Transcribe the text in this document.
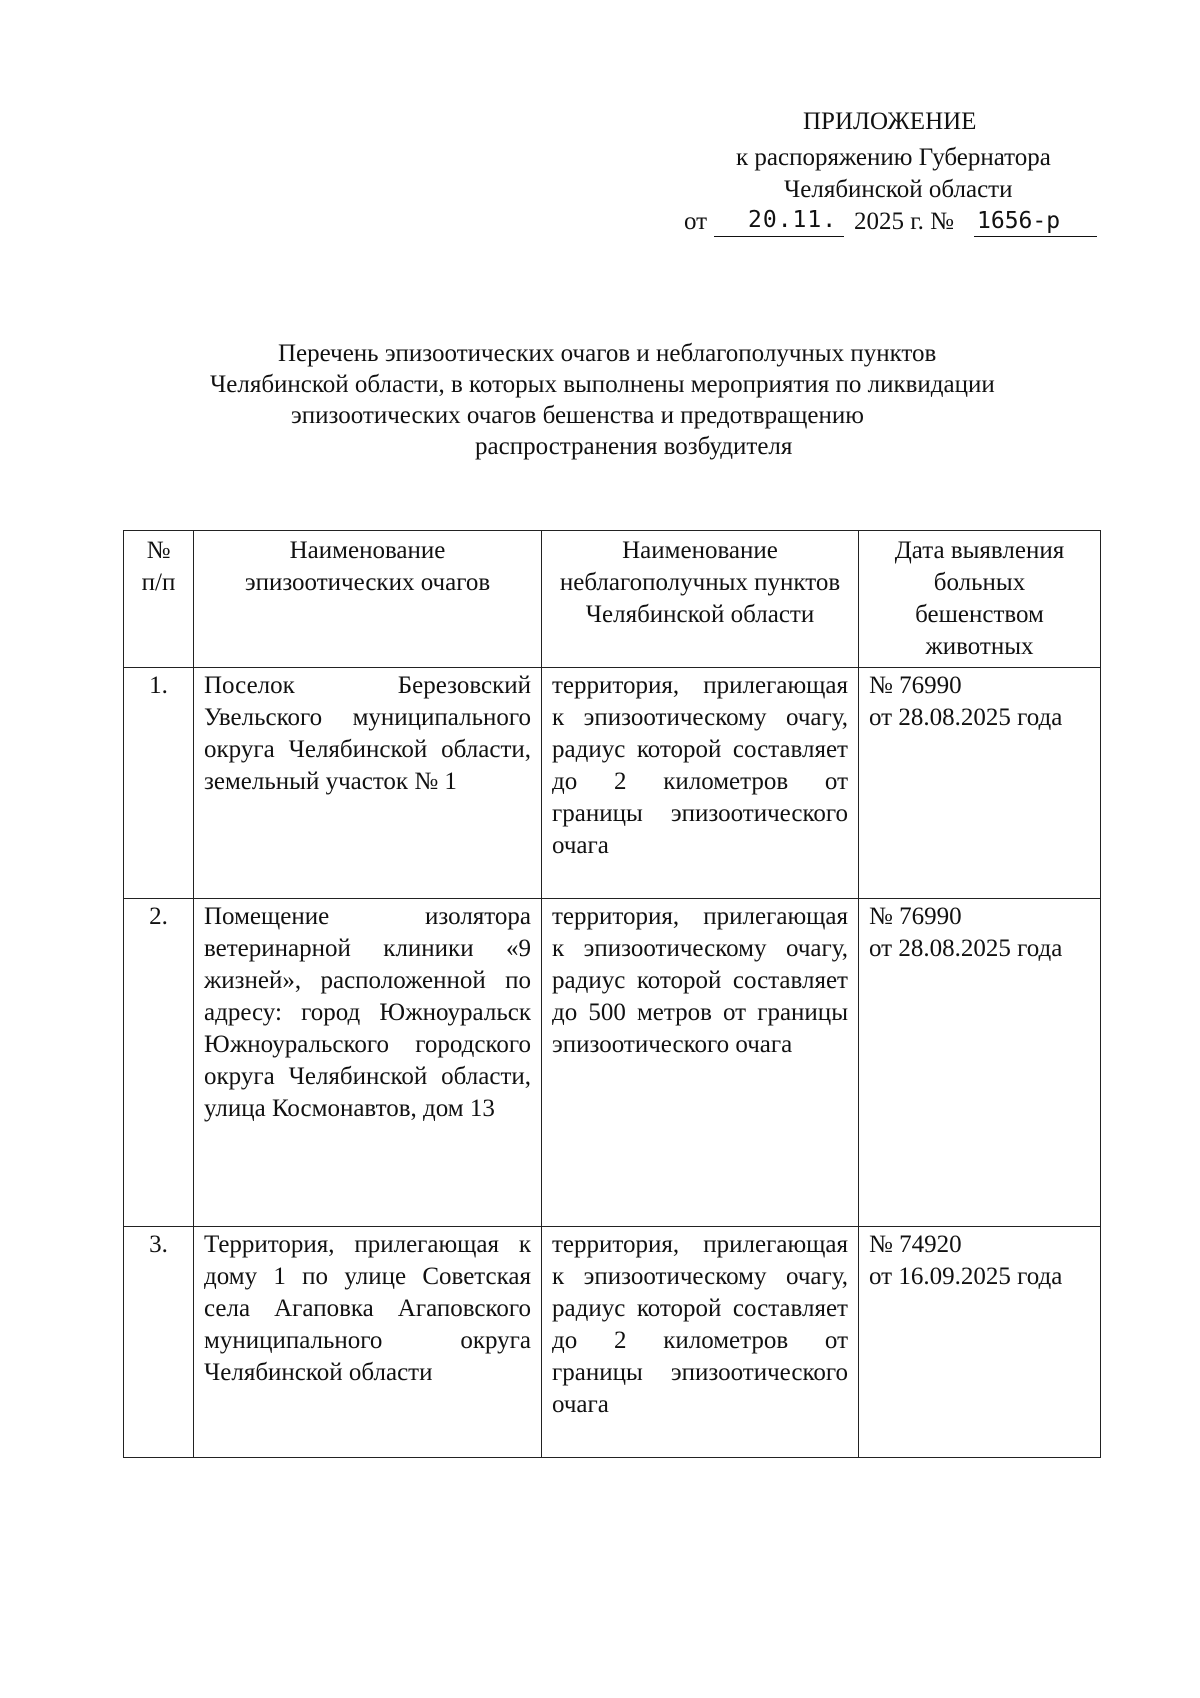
ПРИЛОЖЕНИЕ
к распоряжению Губернатора
Челябинской области
от 20.11. 2025 г. № 1656-р
Перечень эпизоотических очагов и неблагополучных пунктов
Челябинской области, в которых выполнены мероприятия по ликвидации
эпизоотических очагов бешенства и предотвращению
распространения возбудителя
№ п/п	Наименование эпизоотических очагов	Наименование неблагополучных пунктов Челябинской области	Дата выявления больных бешенством животных
1.	Поселок Березовский Увельского муниципального округа Челябинской области, земельный участок № 1	территория, прилегающая к эпизоотическому очагу, радиус которой составляет до 2 километров от границы эпизоотического очага	№ 76990
от 28.08.2025 года

2.	Помещение изолятора ветеринарной клиники «9 жизней», расположенной по адресу: город Южноуральск Южноуральского городского округа Челябинской области, улица Космонавтов, дом 13	территория, прилегающая к эпизоотическому очагу, радиус которой составляет до 500 метров от границы эпизоотического очага	№ 76990
от 28.08.2025 года

3.	Территория, прилегающая к дому 1 по улице Советская села Агаповка Агаповского муниципального округа Челябинской области	территория, прилегающая к эпизоотическому очагу, радиус которой составляет до 2 километров от границы эпизоотического очага	№ 74920
от 16.09.2025 года
